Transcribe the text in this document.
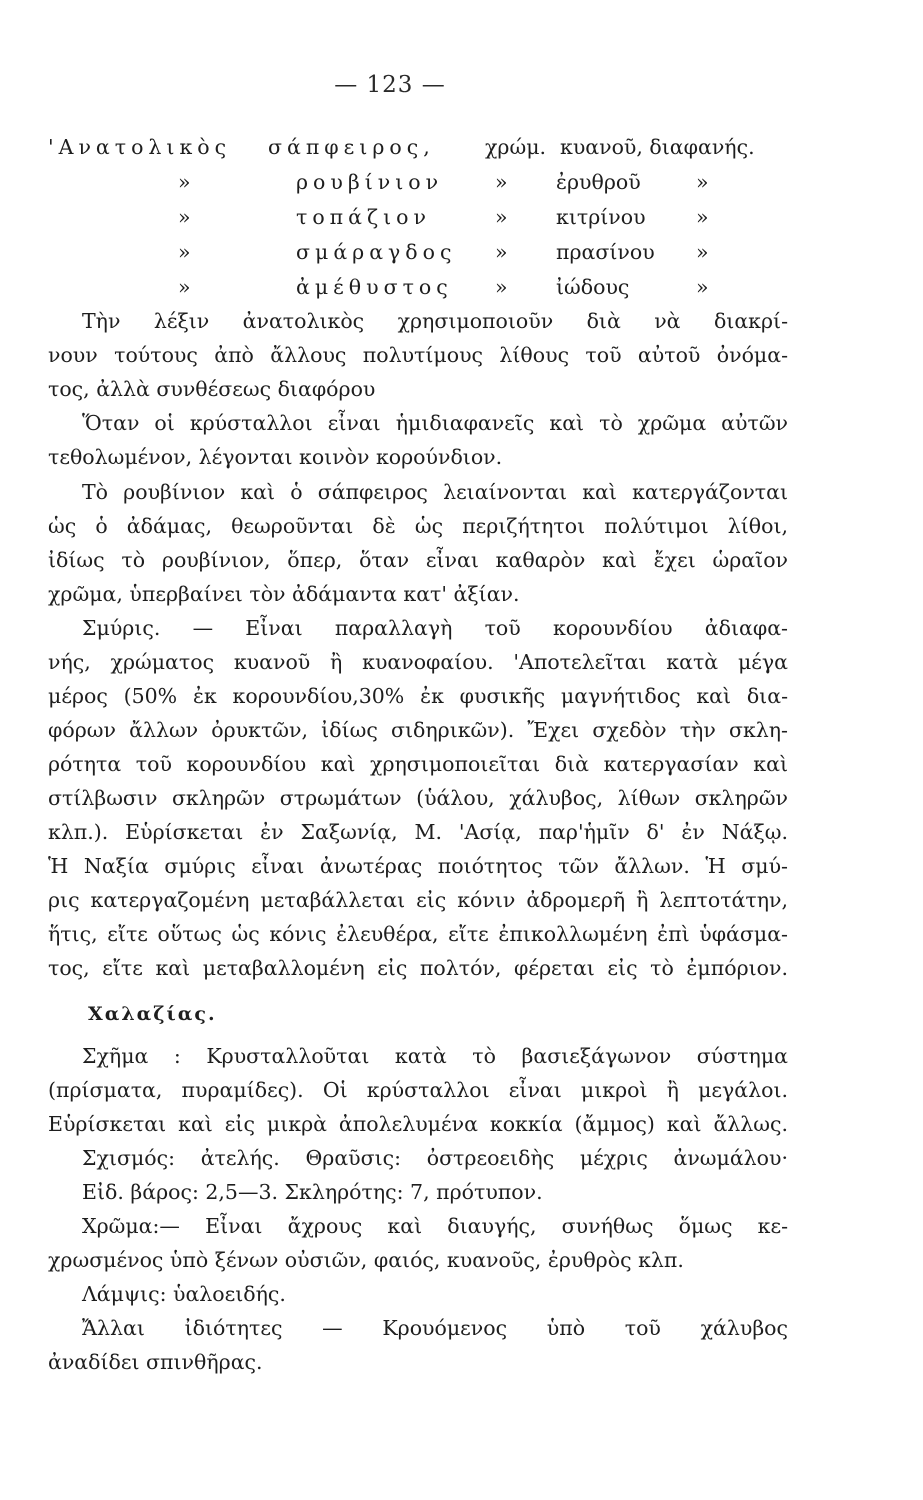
— 123 —
'Ανατολικὸς σάπφειρος, χρώμ. κυανοῦ, διαφανής.
»	ρουβίνιον	» ἐρυθροῦ	»
»	τοπάζιον	» κιτρίνου »
»	σμάραγδος » πρασίνου »
»	ἀμέθυστος » ἰώδους	»
Τὴν λέξιν ἀνατολικὸς χρησιμοποιοῦν διὰ νὰ διακρί-
νουν τούτους ἀπὸ ἄλλους πολυτίμους λίθους τοῦ αὐτοῦ ὀνόμα-
τος, ἀλλὰ συνθέσεως διαφόρου
Ὅταν οἱ κρύσταλλοι εἶναι ἡμιδιαφανεῖς καὶ τὸ χρῶμα αὐτῶν
τεθολωμένον, λέγονται κοινὸν κορούνδιον.
Τὸ ρουβίνιον καὶ ὁ σάπφειρος λειαίνονται καὶ κατεργάζονται
ὡς ὁ ἀδάμας, θεωροῦνται δὲ ὡς περιζήτητοι πολύτιμοι λίθοι,
ἰδίως τὸ ρουβίνιον, ὅπερ, ὅταν εἶναι καθαρὸν καὶ ἔχει ὡραῖον
χρῶμα, ὑπερβαίνει τὸν ἀδάμαντα κατ' ἀξίαν.
Σμύρις. — Εἶναι παραλλαγὴ τοῦ κορουνδίου ἀδιαφα-
νής, χρώματος κυανοῦ ἢ κυανοφαίου. 'Αποτελεῖται κατὰ μέγα
μέρος (50% ἐκ κορουνδίου,30% ἐκ φυσικῆς μαγνήτιδος καὶ δια-
φόρων ἄλλων ὀρυκτῶν, ἰδίως σιδηρικῶν). Ἔχει σχεδὸν τὴν σκλη-
ρότητα τοῦ κορουνδίου καὶ χρησιμοποιεῖται διὰ κατεργασίαν καὶ
στίλβωσιν σκληρῶν στρωμάτων (ὑάλου, χάλυβος, λίθων σκληρῶν
κλπ.). Εὑρίσκεται ἐν Σαξωνίᾳ, Μ. 'Ασίᾳ, παρ'ἡμῖν δ' ἐν Νάξῳ.
Ἡ Ναξία σμύρις εἶναι ἀνωτέρας ποιότητος τῶν ἄλλων. Ἡ σμύ-
ρις κατεργαζομένη μεταβάλλεται εἰς κόνιν ἀδρομερῆ ἢ λεπτοτάτην,
ἥτις, εἴτε οὕτως ὡς κόνις ἐλευθέρα, εἴτε ἐπικολλωμένη ἐπὶ ὑφάσμα-
τος, εἴτε καὶ μεταβαλλομένη εἰς πολτόν, φέρεται εἰς τὸ ἐμπόριον.
Χαλαζίας.
Σχῆμα : Κρυσταλλοῦται κατὰ τὸ βασιεξάγωνον σύστημα
(πρίσματα, πυραμίδες). Οἱ κρύσταλλοι εἶναι μικροὶ ἢ μεγάλοι.
Εὑρίσκεται καὶ εἰς μικρὰ ἀπολελυμένα κοκκία (ἄμμος) καὶ ἄλλως.
Σχισμός: ἀτελής. Θραῦσις: ὀστρεοειδὴς μέχρις ἀνωμάλου·
Εἰδ. βάρος: 2,5—3. Σκληρότης: 7, πρότυπον.
Χρῶμα:— Εἶναι ἄχρους καὶ διαυγής, συνήθως ὅμως κε-
χρωσμένος ὑπὸ ξένων οὐσιῶν, φαιός, κυανοῦς, ἐρυθρὸς κλπ.
Λάμψις: ὑαλοειδής.
Ἄλλαι ἰδιότητες — Κρουόμενος ὑπὸ τοῦ χάλυβος
ἀναδίδει σπινθῆρας.
